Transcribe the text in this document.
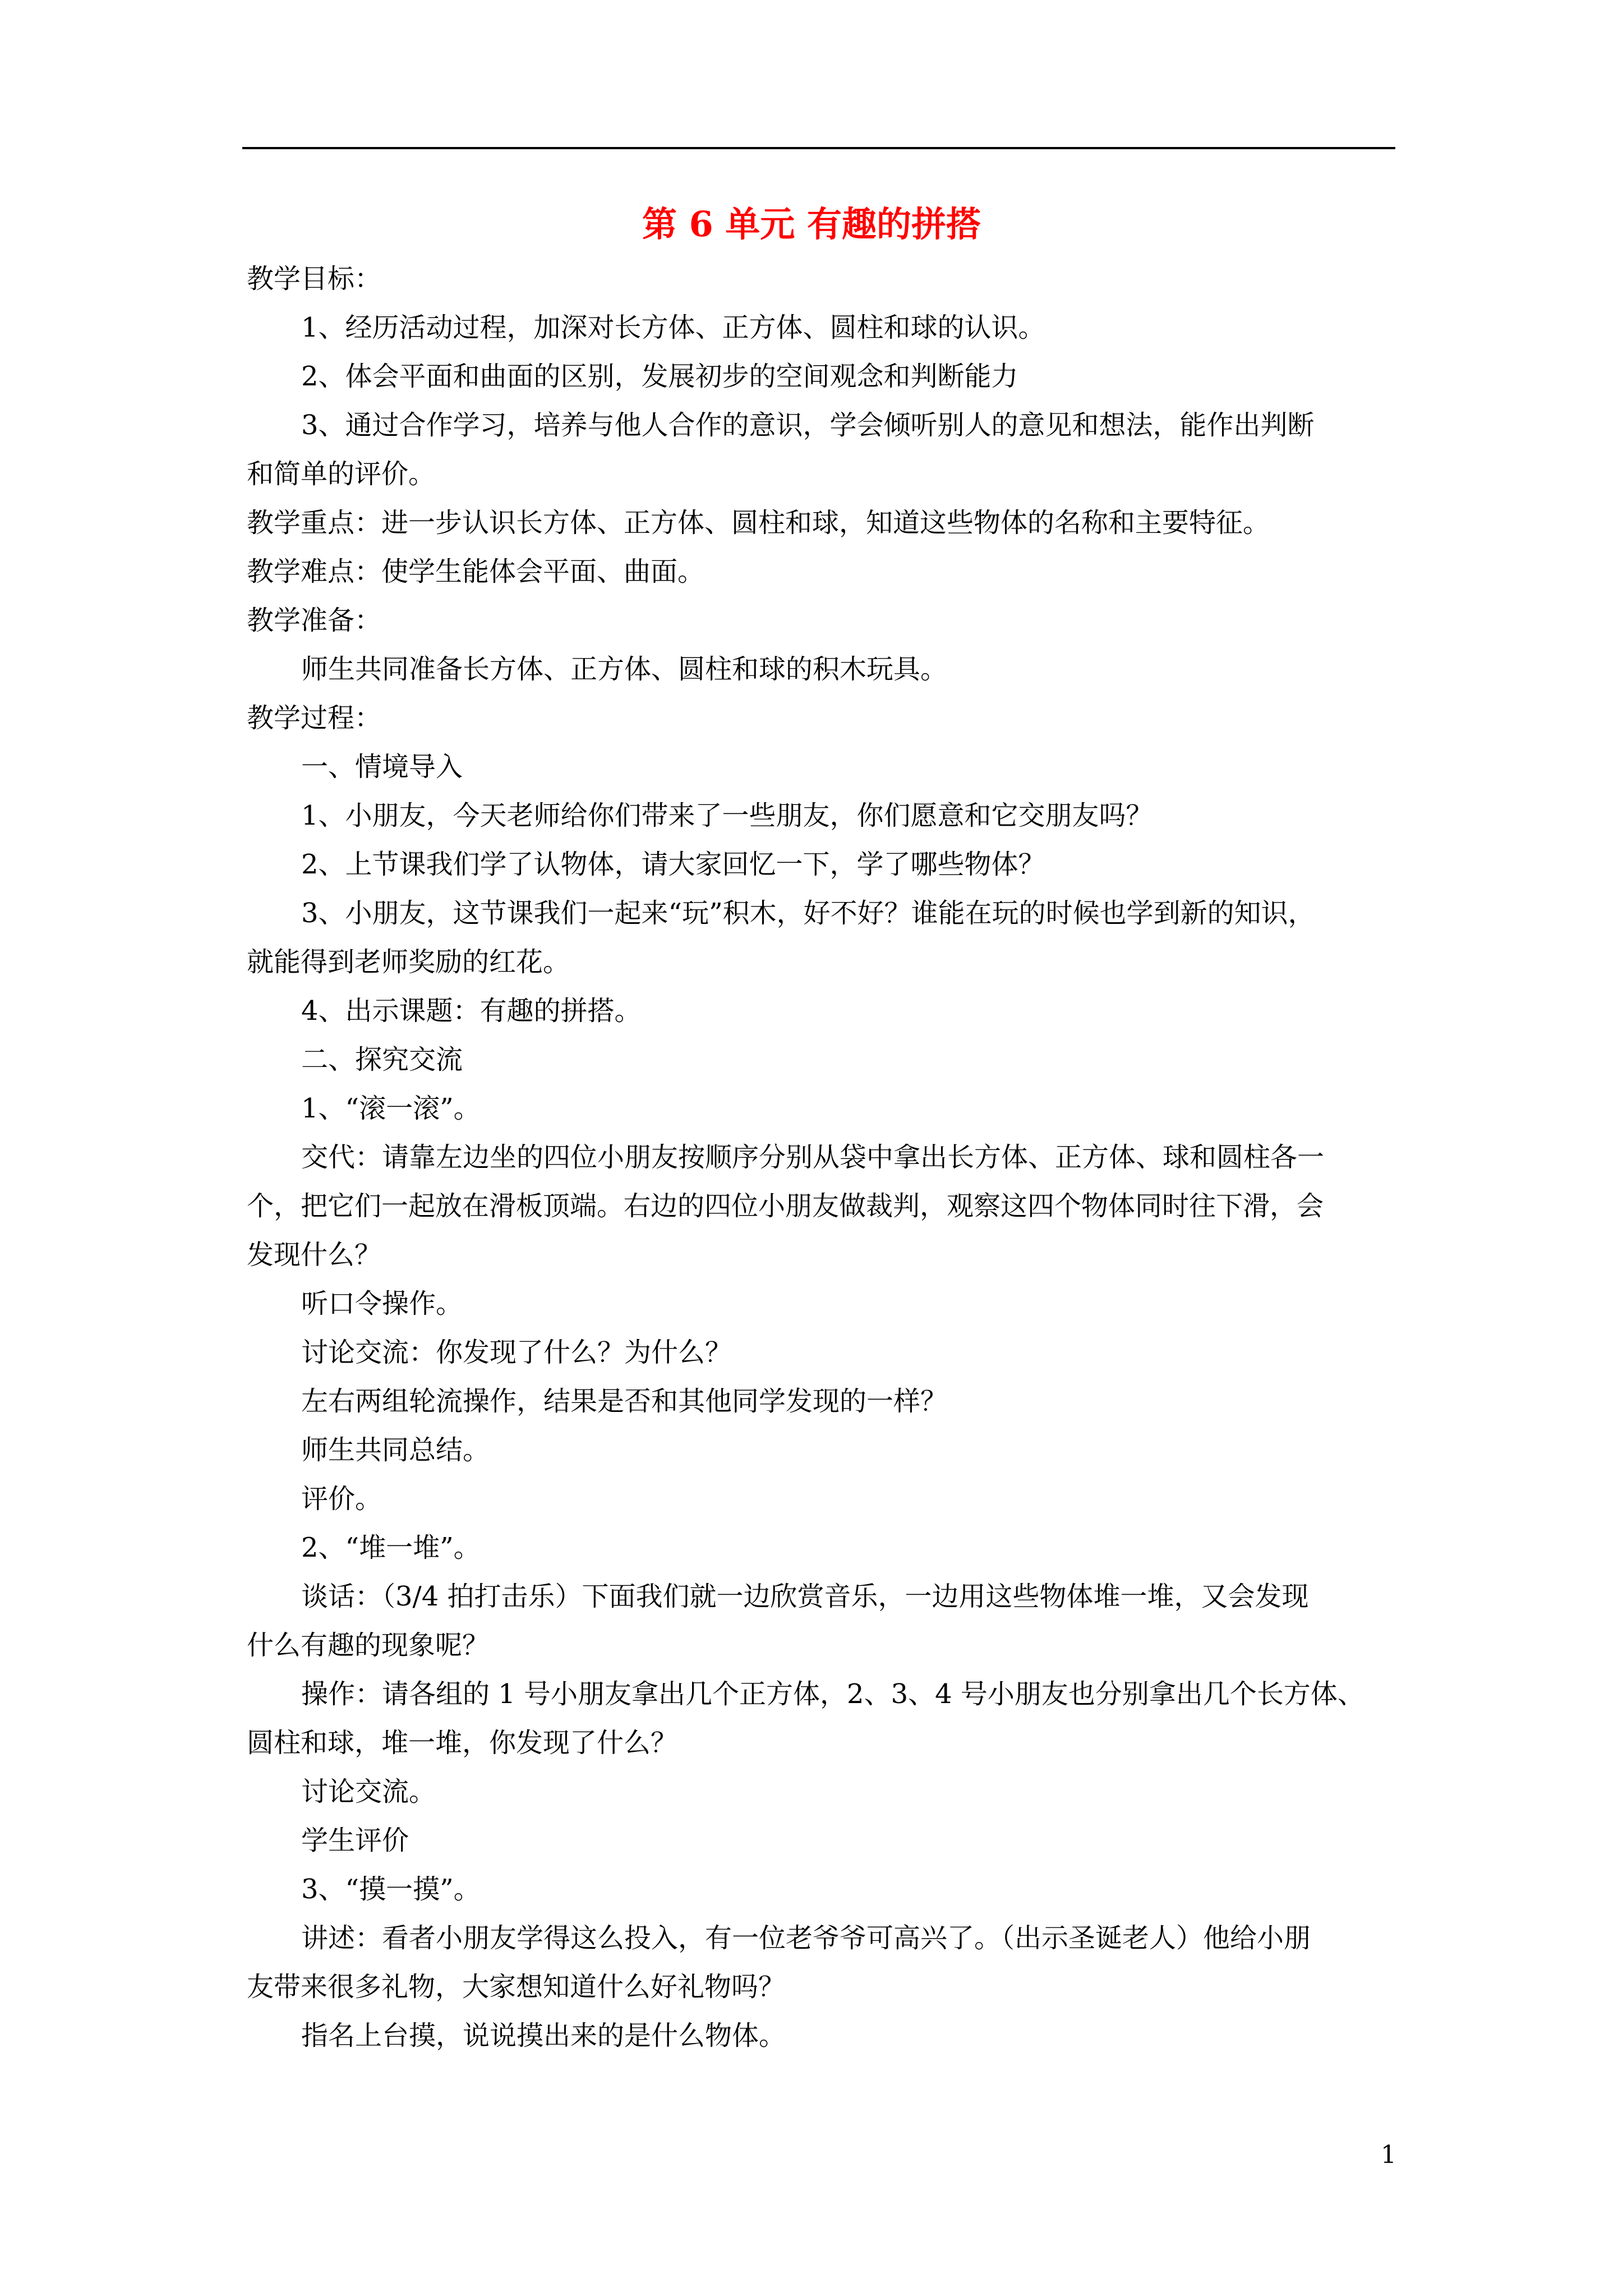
第 6 单元 有趣的拼搭

教学目标：

1、经历活动过程，加深对长方体、正方体、圆柱和球的认识。

2、体会平面和曲面的区别，发展初步的空间观念和判断能力

3、通过合作学习，培养与他人合作的意识，学会倾听别人的意见和想法，能作出判断

和简单的评价。

教学重点：进一步认识长方体、正方体、圆柱和球，知道这些物体的名称和主要特征。

教学难点：使学生能体会平面、曲面。

教学准备：

师生共同准备长方体、正方体、圆柱和球的积木玩具。

教学过程：

一、情境导入

1、小朋友，今天老师给你们带来了一些朋友，你们愿意和它交朋友吗？

2、上节课我们学了认物体，请大家回忆一下，学了哪些物体？

3、小朋友，这节课我们一起来“玩”积木，好不好？谁能在玩的时候也学到新的知识，

就能得到老师奖励的红花。

4、出示课题：有趣的拼搭。

二、探究交流

1、“滚一滚”。

交代：请靠左边坐的四位小朋友按顺序分别从袋中拿出长方体、正方体、球和圆柱各一

个，把它们一起放在滑板顶端。右边的四位小朋友做裁判，观察这四个物体同时往下滑，会

发现什么？

听口令操作。

讨论交流：你发现了什么？为什么？

左右两组轮流操作，结果是否和其他同学发现的一样？

师生共同总结。

评价。

2、“堆一堆”。

谈话：（3/4 拍打击乐）下面我们就一边欣赏音乐，一边用这些物体堆一堆，又会发现

什么有趣的现象呢？

操作：请各组的 1 号小朋友拿出几个正方体，2、3、4 号小朋友也分别拿出几个长方体、

圆柱和球，堆一堆，你发现了什么？

讨论交流。

学生评价

3、“摸一摸”。

讲述：看者小朋友学得这么投入，有一位老爷爷可高兴了。（出示圣诞老人）他给小朋

友带来很多礼物，大家想知道什么好礼物吗？

指名上台摸，说说摸出来的是什么物体。

1
